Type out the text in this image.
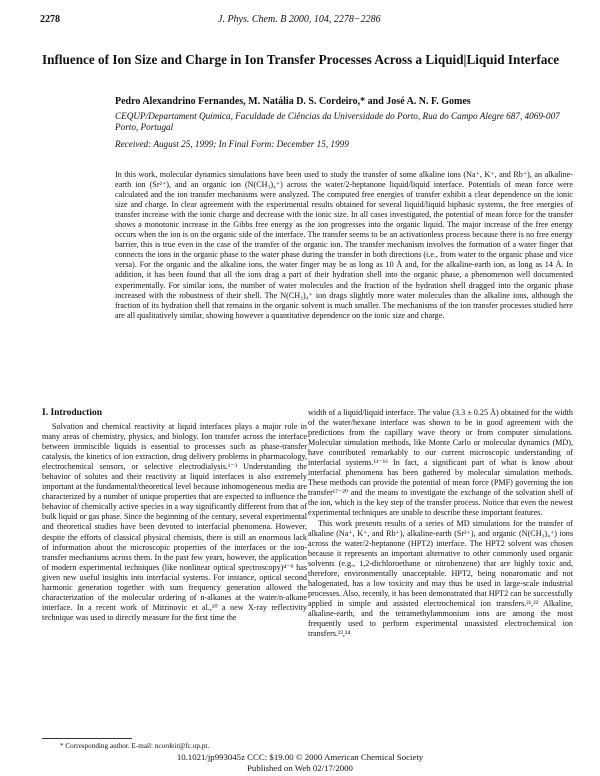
2278	J. Phys. Chem. B 2000, 104, 2278−2286
Influence of Ion Size and Charge in Ion Transfer Processes Across a Liquid|Liquid Interface
Pedro Alexandrino Fernandes, M. Natália D. S. Cordeiro,* and José A. N. F. Gomes
CEQUP/Departament Química, Faculdade de Ciências da Universidade do Porto, Rua do Campo Alegre 687, 4069-007 Porto, Portugal
Received: August 25, 1999; In Final Form: December 15, 1999

In this work, molecular dynamics simulations have been used to study the transfer of some alkaline ions (Na⁺, K⁺, and Rb⁺), an alkaline-earth ion (Sr²⁺), and an organic ion (N(CH₃)₄⁺) across the water/2-heptanone liquid/liquid interface. Potentials of mean force were calculated and the ion transfer mechanisms were analyzed. The computed free energies of transfer exhibit a clear dependence on the ionic size and charge. In clear agreement with the experimental results obtained for several liquid/liquid biphasic systems, the free energies of transfer increase with the ionic charge and decrease with the ionic size. In all cases investigated, the potential of mean force for the transfer shows a monotonic increase in the Gibbs free energy as the ion progresses into the organic liquid. The major increase of the free energy occurs when the ion is on the organic side of the interface. The transfer seems to be an activationless process because there is no free energy barrier, this is true even in the case of the transfer of the organic ion. The transfer mechanism involves the formation of a water finger that connects the ions in the organic phase to the water phase during the transfer in both directions (i.e., from water to the organic phase and vice versa). For the organic and the alkaline ions, the water finger may be as long as 10 Å and, for the alkaline-earth ion, as long as 14 Å. In addition, it has been found that all the ions drag a part of their hydration shell into the organic phase, a phenomenon well documented experimentally. For similar ions, the number of water molecules and the fraction of the hydration shell dragged into the organic phase increased with the robustness of their shell. The N(CH₃)₄⁺ ion drags slightly more water molecules than the alkaline ions, although the fraction of its hydration shell that remains in the organic solvent is much smaller. The mechanisms of the ion transfer processes studied here are all qualitatively similar, showing however a quantitative dependence on the ionic size and charge.

I. Introduction

Solvation and chemical reactivity at liquid interfaces plays a major role in many areas of chemistry, physics, and biology. Ion transfer across the interface between immiscible liquids is essential to processes such as phase-transfer catalysis, the kinetics of ion extraction, drug delivery problems in pharmacology, electrochemical sensors, or selective electrodialysis.¹⁻³ Understanding the behavior of solutes and their reactivity at liquid interfaces is also extremely important at the fundamental/theoretical level because inhomogeneous media are characterized by a number of unique properties that are expected to influence the behavior of chemically active species in a way significantly different from that of bulk liquid or gas phase. Since the beginning of the century, several experimental and theoretical studies have been devoted to interfacial phenomena. However, despite the efforts of classical physical chemists, there is still an enormous lack of information about the microscopic properties of the interfaces or the ion-transfer mechanisms across them. In the past few years, however, the application of modern experimental techniques (like nonlinear optical spectroscopy)⁴⁻⁹ has given new useful insights into interfacial systems. For instance, optical second harmonic generation together with sum frequency generation allowed the characterization of the molecular ordering of n-alkanes at the water/n-alkane interface. In a recent work of Mitrinovic et al.,¹⁰ a new X-ray reflectivity technique was used to directly measure for the first time the

width of a liquid/liquid interface. The value (3.3 ± 0.25 Å) obtained for the width of the water/hexane interface was shown to be in good agreement with the predictions from the capillary wave theory or from computer simulations. Molecular simulation methods, like Monte Carlo or molecular dynamics (MD), have contributed remarkably to our current microscopic understanding of interfacial systems.¹¹⁻¹⁶ In fact, a significant part of what is know about interfacial phenomena has been gathered by molecular simulation methods. These methods can provide the potential of mean force (PMF) governing the ion transfer¹⁷⁻²⁰ and the means to investigate the exchange of the solvation shell of the ion, which is the key step of the transfer process. Notice that even the newest experimental techniques are unable to describe these important features.

This work presents results of a series of MD simulations for the transfer of alkaline (Na⁺, K⁺, and Rb⁺), alkaline-earth (Sr²⁺), and organic (N(CH₃)₄⁺) ions across the water/2-heptanone (HPT2) interface. The HPT2 solvent was chosen because it represents an important alternative to other commonly used organic solvents (e.g., 1,2-dichloroethane or nitrobenzene) that are highly toxic and, therefore, environmentally unacceptable. HPT2, being nonaromatic and not halogenated, has a low toxicity and may thus be used in large-scale industrial processes. Also, recently, it has been demonstrated that HPT2 can be successfully applied in simple and assisted electrochemical ion transfers.²¹,²² Alkaline, alkaline-earth, and the tetramethylammonium ions are among the most frequently used to perform experimental unassisted electrochemical ion transfers.²³,²⁴

* Corresponding author. E-mail: ncordeir@fc.up.pt.
10.1021/jp993045z CCC: $19.00 © 2000 American Chemical Society
Published on Web 02/17/2000
